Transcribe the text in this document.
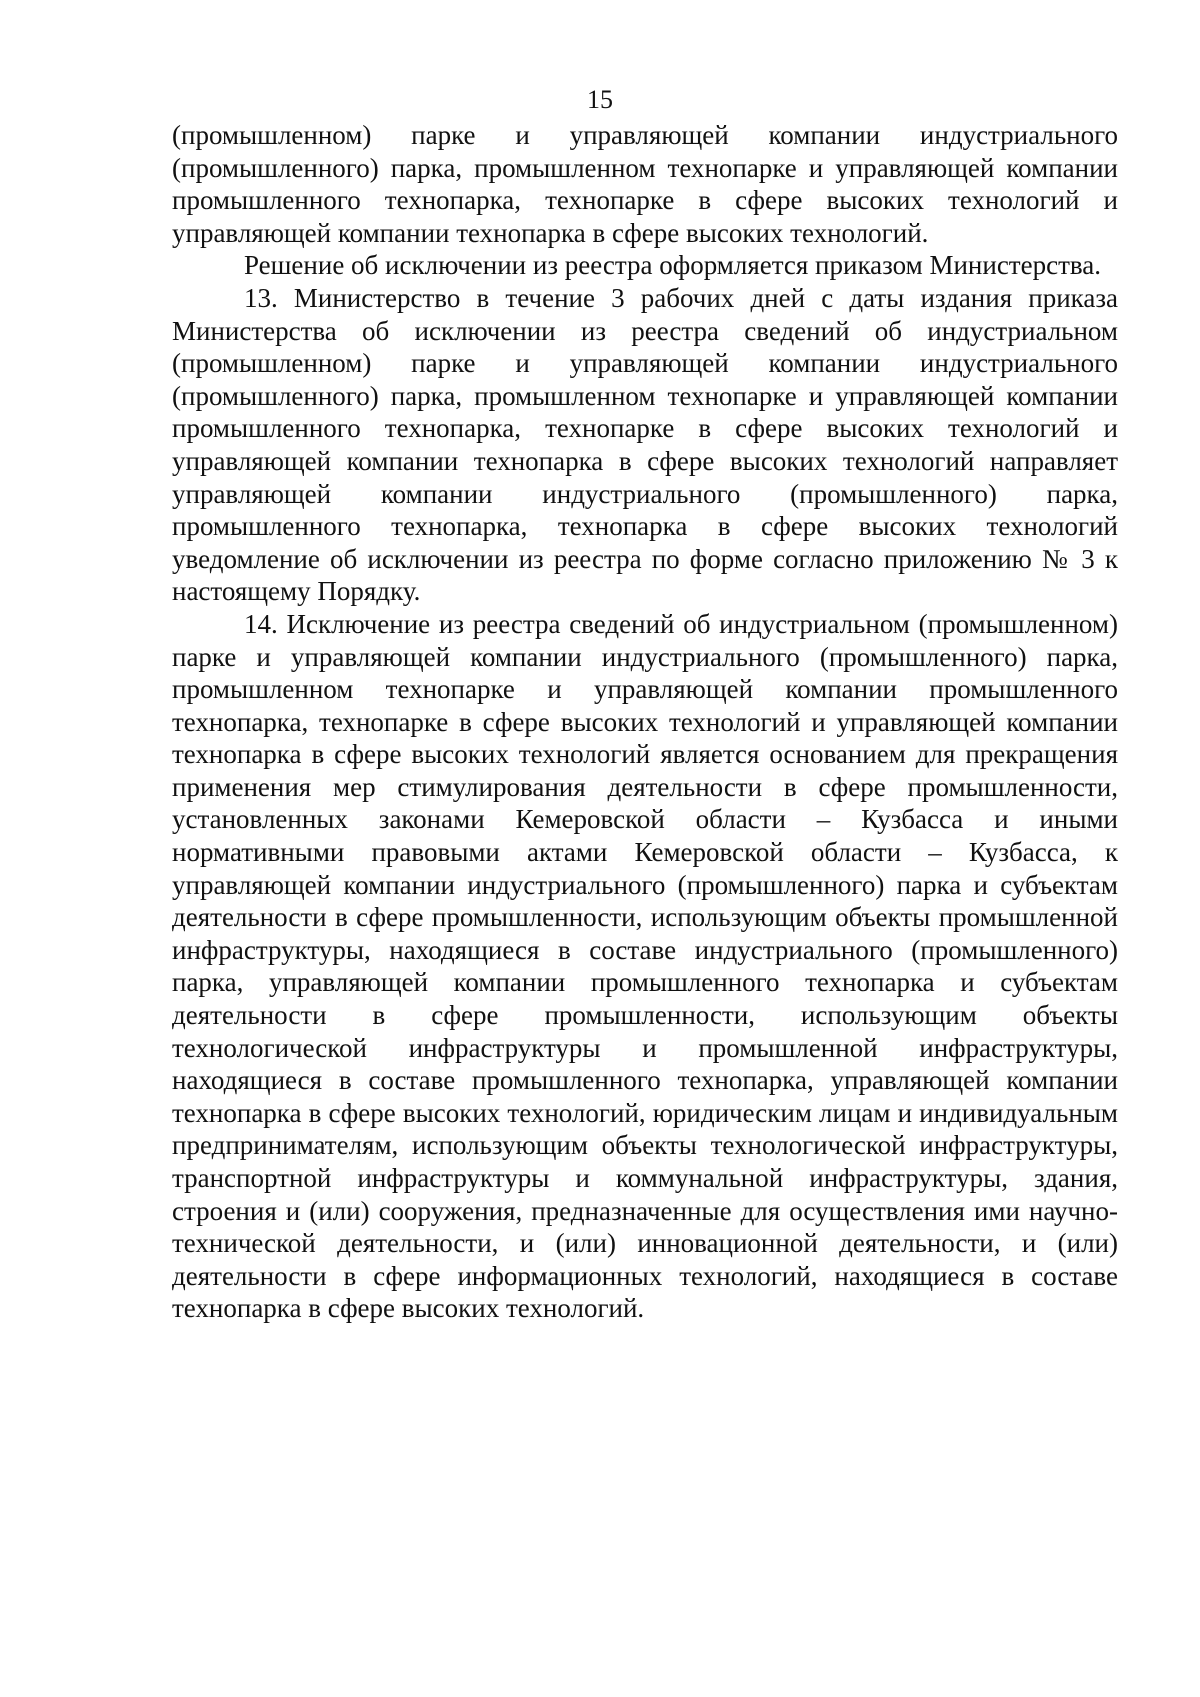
15

(промышленном) парке и управляющей компании индустриального (промышленного) парка, промышленном технопарке и управляющей компании промышленного технопарка, технопарке в сфере высоких технологий и управляющей компании технопарка в сфере высоких технологий.

Решение об исключении из реестра оформляется приказом Министерства.

13. Министерство в течение 3 рабочих дней с даты издания приказа Министерства об исключении из реестра сведений об индустриальном (промышленном) парке и управляющей компании индустриального (промышленного) парка, промышленном технопарке и управляющей компании промышленного технопарка, технопарке в сфере высоких технологий и управляющей компании технопарка в сфере высоких технологий направляет управляющей компании индустриального (промышленного) парка, промышленного технопарка, технопарка в сфере высоких технологий уведомление об исключении из реестра по форме согласно приложению № 3 к настоящему Порядку.

14. Исключение из реестра сведений об индустриальном (промышленном) парке и управляющей компании индустриального (промышленного) парка, промышленном технопарке и управляющей компании промышленного технопарка, технопарке в сфере высоких технологий и управляющей компании технопарка в сфере высоких технологий является основанием для прекращения применения мер стимулирования деятельности в сфере промышленности, установленных законами Кемеровской области – Кузбасса и иными нормативными правовыми актами Кемеровской области – Кузбасса, к управляющей компании индустриального (промышленного) парка и субъектам деятельности в сфере промышленности, использующим объекты промышленной инфраструктуры, находящиеся в составе индустриального (промышленного) парка, управляющей компании промышленного технопарка и субъектам деятельности в сфере промышленности, использующим объекты технологической инфраструктуры и промышленной инфраструктуры, находящиеся в составе промышленного технопарка, управляющей компании технопарка в сфере высоких технологий, юридическим лицам и индивидуальным предпринимателям, использующим объекты технологической инфраструктуры, транспортной инфраструктуры и коммунальной инфраструктуры, здания, строения и (или) сооружения, предназначенные для осуществления ими научно-технической деятельности, и (или) инновационной деятельности, и (или) деятельности в сфере информационных технологий, находящиеся в составе технопарка в сфере высоких технологий.
